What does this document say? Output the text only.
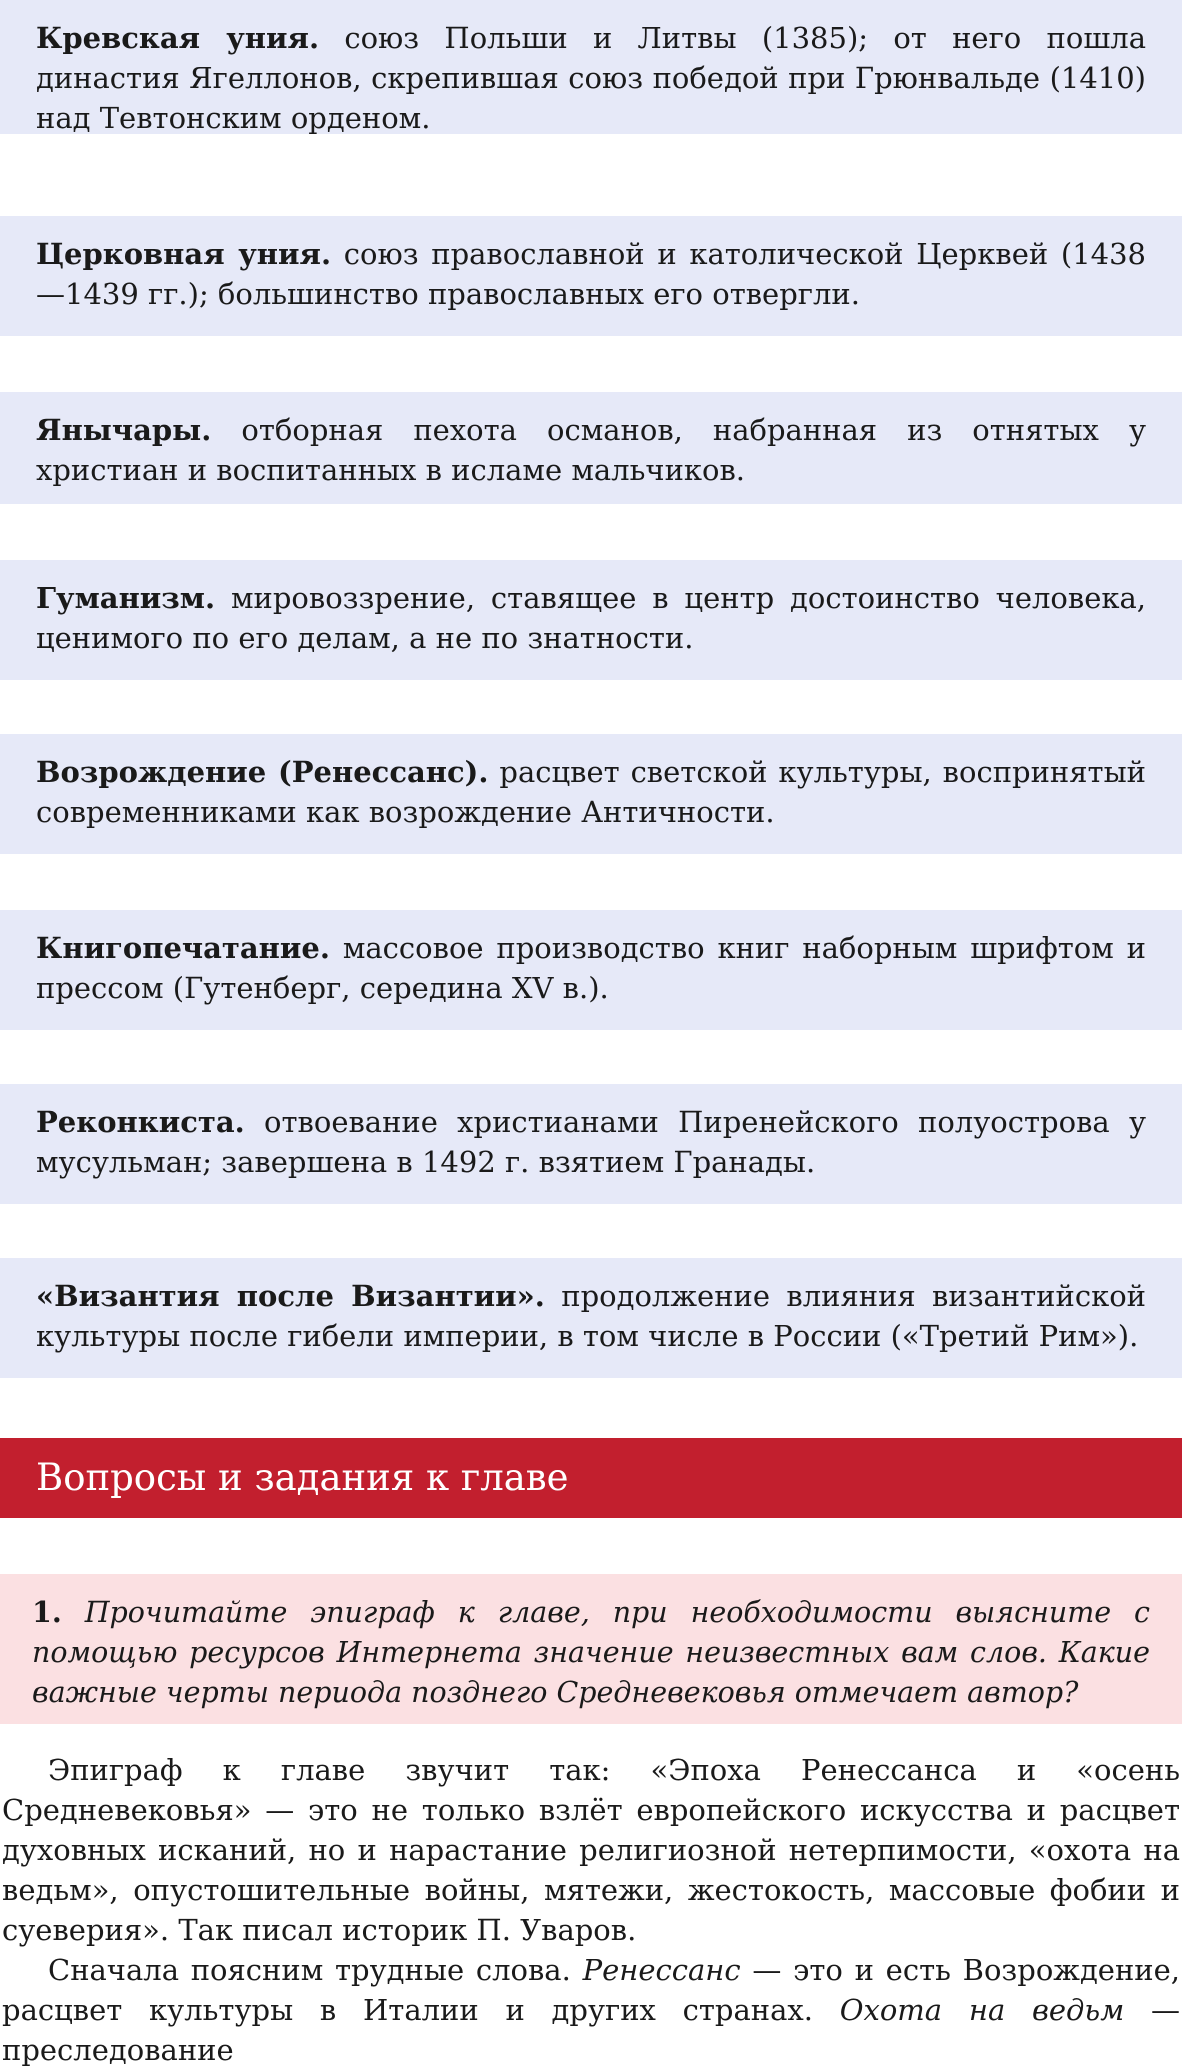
Кревская уния. союз Польши и Литвы (1385); от него пошла династия Ягеллонов, скрепившая союз победой при Грюнвальде (1410) над Тевтонским орденом.
Церковная уния. союз православной и католической Церквей (1438—1439 гг.); большинство православных его отвергли.
Янычары. отборная пехота османов, набранная из отнятых у христиан и воспитанных в исламе мальчиков.
Гуманизм. мировоззрение, ставящее в центр достоинство человека, ценимого по его делам, а не по знатности.
Возрождение (Ренессанс). расцвет светской культуры, воспринятый современниками как возрождение Античности.
Книгопечатание. массовое производство книг наборным шрифтом и прессом (Гутенберг, середина XV в.).
Реконкиста. отвоевание христианами Пиренейского полуострова у мусульман; завершена в 1492 г. взятием Гранады.
«Византия после Византии». продолжение влияния византийской культуры после гибели империи, в том числе в России («Третий Рим»).
Вопросы и задания к главе
1. Прочитайте эпиграф к главе, при необходимости выясните с помощью ресурсов Интернета значение неизвестных вам слов. Какие важные черты периода позднего Средневековья отмечает автор?
Эпиграф к главе звучит так: «Эпоха Ренессанса и «осень Средневековья» — это не только взлёт европейского искусства и расцвет духовных исканий, но и нарастание религиозной нетерпимости, «охота на ведьм», опустошительные войны, мятежи, жестокость, массовые фобии и суеверия». Так писал историк П. Уваров.
Сначала поясним трудные слова. Ренессанс — это и есть Возрождение, расцвет культуры в Италии и других странах. Охота на ведьм — преследование
